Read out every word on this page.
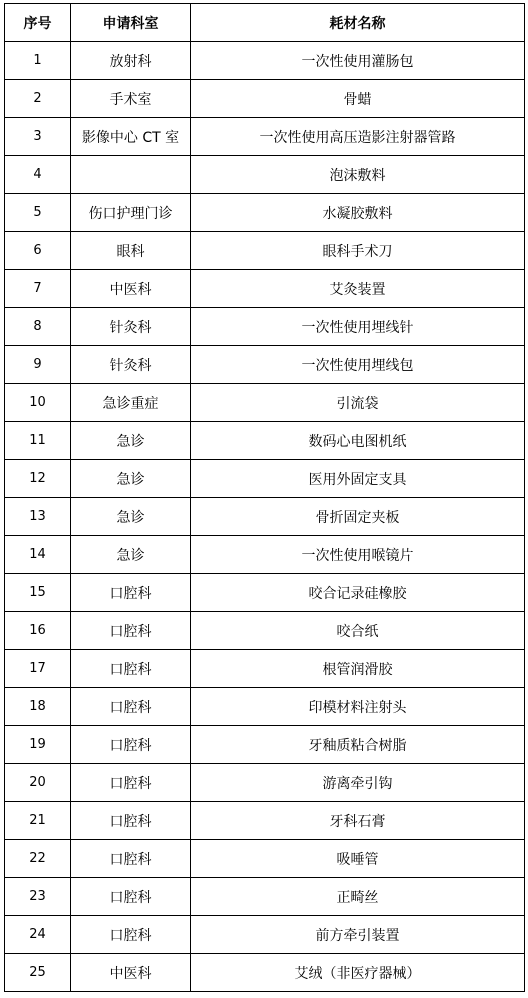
序号	申请科室	耗材名称
1	放射科	一次性使用灌肠包
2	手术室	骨蜡
3	影像中心 CT 室	一次性使用高压造影注射器管路
4		泡沫敷料
5	伤口护理门诊	水凝胶敷料
6	眼科	眼科手术刀
7	中医科	艾灸装置
8	针灸科	一次性使用埋线针
9	针灸科	一次性使用埋线包
10	急诊重症	引流袋
11	急诊	数码心电图机纸
12	急诊	医用外固定支具
13	急诊	骨折固定夹板
14	急诊	一次性使用喉镜片
15	口腔科	咬合记录硅橡胶
16	口腔科	咬合纸
17	口腔科	根管润滑胶
18	口腔科	印模材料注射头
19	口腔科	牙釉质粘合树脂
20	口腔科	游离牵引钩
21	口腔科	牙科石膏
22	口腔科	吸唾管
23	口腔科	正畸丝
24	口腔科	前方牵引装置
25	中医科	艾绒（非医疗器械）
